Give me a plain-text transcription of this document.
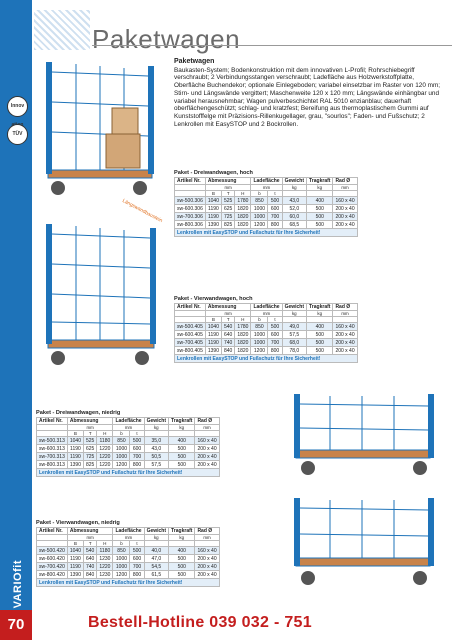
Paketwagen
Innov
TÜV
Paketwagen

Baukasten-System; Bodenkonstruktion mit dem innovativen L-Profil; Rohrschiebegriff verschraubt; 2 Verbindungsstangen verschraubt; Ladefläche aus Holzwerkstoffplatte, Oberfläche Buchendekor; optionale Einlegeboden; variabel einsetzbar im Raster von 120 mm; Stirn- und Längswände vergittert; Maschenweite 120 x 120 mm; Längswände einhängbar und variabel herausnehmbar; Wagen pulverbeschichtet RAL 5010 enzianblau; dauerhaft oberflächengeschützt; schlag- und kratzfest; Bereifung aus thermoplastischem Gummi auf Kunststofffelge mit Präzisions-Rillenkugellager, grau, "sourlos"; Faden- und Fußschutz; 2 Lenkrollen mit EasySTOP und 2 Bockrollen.

Längswandbaustein
Paket - Dreiwandwagen, hoch
Artikel Nr.	Abmessung			Ladefläche		Gewicht	Tragkraft	Rad Ø
	mm			mm		kg	kg	mm
	B	T	H	b	t			
sw-500.306	1040	525	1780	850	500	43,0	400	160 x 40
sw-600.306	1190	625	1820	1000	600	52,0	500	200 x 40
sw-700.306	1190	725	1820	1000	700	60,0	500	200 x 40
sw-800.306	1390	825	1820	1200	800	68,5	500	200 x 40
Lenkrollen mit EasySTOP und Fußschutz für Ihre Sicherheit!								
Paket - Vierwandwagen, hoch
Artikel Nr.	Abmessung			Ladefläche		Gewicht	Tragkraft	Rad Ø
	mm			mm		kg	kg	mm
	B	T	H	b	t			
sw-500.405	1040	540	1780	850	500	49,0	400	160 x 40
sw-600.405	1190	640	1820	1000	600	57,5	500	200 x 40
sw-700.405	1190	740	1820	1000	700	68,0	500	200 x 40
sw-800.405	1390	840	1820	1200	800	78,0	500	200 x 40
Lenkrollen mit EasySTOP und Fußschutz für Ihre Sicherheit!								
Paket - Dreiwandwagen, niedrig
Artikel Nr.	Abmessung			Ladefläche		Gewicht	Tragkraft	Rad Ø
	mm			mm		kg	kg	mm
	B	T	H	b	t			
sw-500.313	1040	525	1180	850	500	35,0	400	160 x 40
sw-600.313	1190	625	1220	1000	600	43,0	500	200 x 40
sw-700.313	1190	725	1220	1000	700	50,5	500	200 x 40
sw-800.313	1390	825	1220	1200	800	57,5	500	200 x 40
Lenkrollen mit EasySTOP und Fußschutz für Ihre Sicherheit!								
Paket - Vierwandwagen, niedrig
Artikel Nr.	Abmessung			Ladefläche		Gewicht	Tragkraft	Rad Ø
	mm			mm		kg	kg	mm
	B	T	H	b	t			
sw-500.420	1040	540	1180	850	500	40,0	400	160 x 40
sw-600.420	1190	640	1230	1000	600	47,0	500	200 x 40
sw-700.420	1190	740	1220	1000	700	54,5	500	200 x 40
sw-800.420	1390	840	1230	1200	800	61,5	500	200 x 40
Lenkrollen mit EasySTOP und Fußschutz für Ihre Sicherheit!								
VARIOfit
70	Bestell-Hotline 039 032 - 751
